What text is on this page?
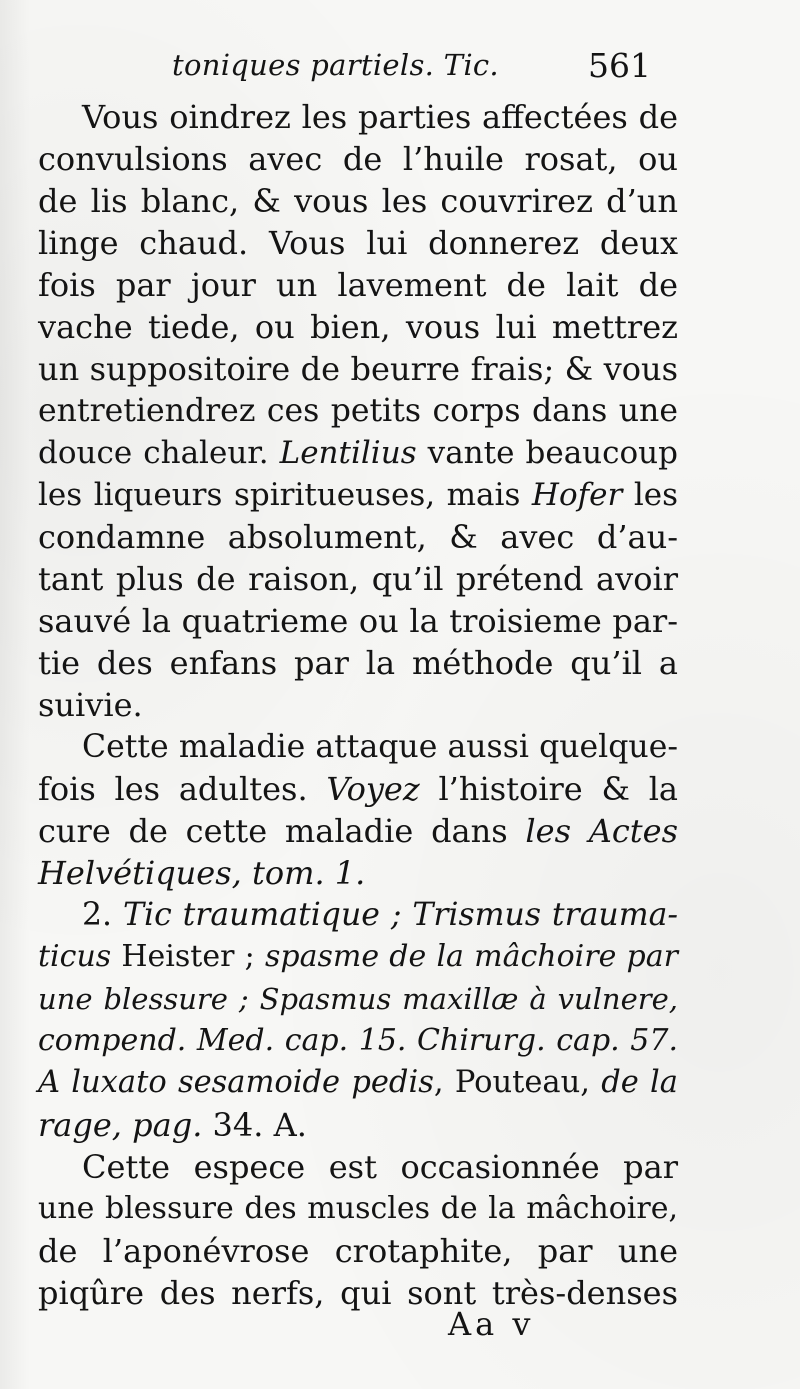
toniques partiels. Tic.	561
Vous oindrez les parties affectées de
convulsions avec de l’huile rosat, ou
de lis blanc, & vous les couvrirez d’un
linge chaud. Vous lui donnerez deux
fois par jour un lavement de lait de
vache tiede, ou bien, vous lui mettrez
un suppositoire de beurre frais; & vous
entretiendrez ces petits corps dans une
douce chaleur. Lentilius vante beaucoup
les liqueurs spiritueuses, mais Hofer les
condamne absolument, & avec d’au-
tant plus de raison, qu’il prétend avoir
sauvé la quatrieme ou la troisieme par-
tie des enfans par la méthode qu’il a
suivie.
Cette maladie attaque aussi quelque-
fois les adultes. Voyez l’histoire & la
cure de cette maladie dans les Actes
Helvétiques, tom. 1.
2. Tic traumatique ; Trismus trauma-
ticus Heister ; spasme de la mâchoire par
une blessure ; Spasmus maxillæ à vulnere,
compend. Med. cap. 15. Chirurg. cap. 57.
A luxato sesamoide pedis, Pouteau, de la
rage, pag. 34. A.
Cette espece est occasionnée par
une blessure des muscles de la mâchoire,
de l’aponévrose crotaphite, par une
piqûre des nerfs, qui sont très-denses
Aa v
